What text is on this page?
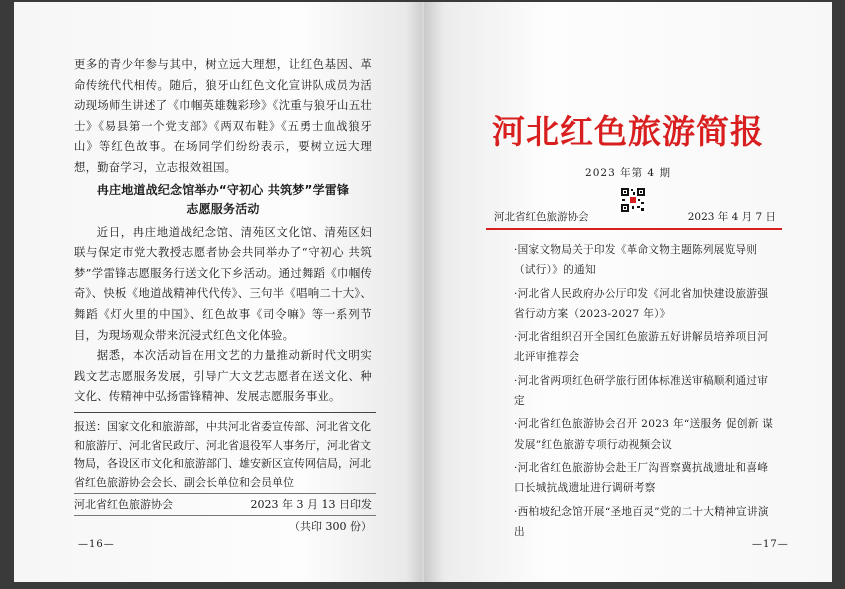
更多的青少年参与其中，树立远大理想，让红色基因、革命传统代代相传。随后，狼牙山红色文化宣讲队成员为活动现场师生讲述了《巾帼英雄魏彩珍》《沈重与狼牙山五壮士》《易县第一个党支部》《两双布鞋》《五勇士血战狼牙山》等红色故事。在场同学们纷纷表示，要树立远大理想，勤奋学习，立志报效祖国。

冉庄地道战纪念馆举办“守初心 共筑梦”学雷锋
志愿服务活动

近日，冉庄地道战纪念馆、清苑区文化馆、清苑区妇联与保定市党大教授志愿者协会共同举办了“守初心 共筑梦”学雷锋志愿服务行送文化下乡活动。通过舞蹈《巾帼传奇》、快板《地道战精神代代传》、三句半《唱响二十大》、舞蹈《灯火里的中国》、红色故事《司令嘛》等一系列节目，为現场观众带来沉浸式红色文化体验。

据悉，本次活动旨在用文艺的力量推动新时代文明实践文艺志愿服务发展，引导广大文艺志愿者在送文化、种文化、传精神中弘扬雷锋精神、发展志愿服务事业。

报送：国家文化和旅游部，中共河北省委宣传部、河北省文化和旅游厅、河北省民政厅、河北省退役军人事务厅，河北省文物局，各设区市文化和旅游部门、雄安新区宣传网信局，河北省红色旅游协会会长、副会长单位和会员单位
河北省红色旅游协会	2023 年 3 月 13 日印发
（共印 300 份）
—16—
河北红色旅游简报
2023 年第 4 期
河北省红色旅游协会	2023 年 4 月 7 日

·国家文物局关于印发《革命文物主题陈列展览导则（试行）》的通知

·河北省人民政府办公厅印发《河北省加快建设旅游强省行动方案（2023-2027 年）》

·河北省组织召开全国红色旅游五好讲解员培养项目河北评审推荐会

·河北省两项红色研学旅行团体标准送审稿顺利通过审定

·河北省红色旅游协会召开 2023 年“送服务 促创新 谋发展”红色旅游专项行动视频会议

·河北省红色旅游协会赴王厂沟晋察冀抗战遗址和喜峰口长城抗战遗址进行调研考察

·西柏坡纪念馆开展“圣地百灵”党的二十大精神宣讲演出

—17—
